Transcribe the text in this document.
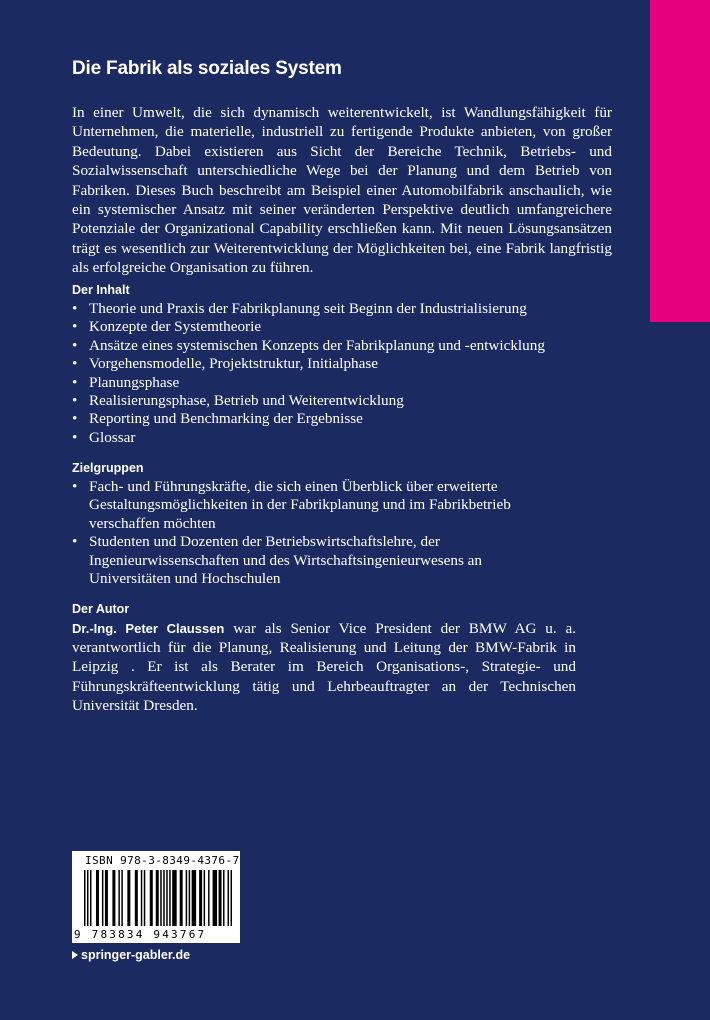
Die Fabrik als soziales System

In einer Umwelt, die sich dynamisch weiterentwickelt, ist Wandlungsfähigkeit für Unternehmen, die materielle, industriell zu fertigende Produkte anbieten, von großer Bedeutung. Dabei existieren aus Sicht der Bereiche Technik, Betriebs- und Sozialwissenschaft unterschiedliche Wege bei der Planung und dem Betrieb von Fabriken. Dieses Buch beschreibt am Beispiel einer Automobilfabrik anschaulich, wie ein systemischer Ansatz mit seiner veränderten Perspektive deutlich umfangreichere Potenziale der Organizational Capability erschließen kann. Mit neuen Lösungsansätzen trägt es wesentlich zur Weiterentwicklung der Möglichkeiten bei, eine Fabrik langfristig als erfolgreiche Organisation zu führen.

Der Inhalt
• Theorie und Praxis der Fabrikplanung seit Beginn der Industrialisierung
• Konzepte der Systemtheorie
• Ansätze eines systemischen Konzepts der Fabrikplanung und -entwicklung
• Vorgehensmodelle, Projektstruktur, Initialphase
• Planungsphase
• Realisierungsphase, Betrieb und Weiterentwicklung
• Reporting und Benchmarking der Ergebnisse
• Glossar
Zielgruppen
• Fach- und Führungskräfte, die sich einen Überblick über erweiterte Gestaltungsmöglichkeiten in der Fabrikplanung und im Fabrikbetrieb verschaffen möchten
• Studenten und Dozenten der Betriebswirtschaftslehre, der Ingenieurwissenschaften und des Wirtschaftsingenieurwesens an Universitäten und Hochschulen
Der Autor

Dr.-Ing. Peter Claussen war als Senior Vice President der BMW AG u. a. verantwortlich für die Planung, Realisierung und Leitung der BMW-Fabrik in Leipzig . Er ist als Berater im Bereich Organisations-, Strategie- und Führungskräfteentwicklung tätig und Lehrbeauftragter an der Technischen Universität Dresden.

ISBN 978-3-8349-4376-7

9 783834 943767

springer-gabler.de
